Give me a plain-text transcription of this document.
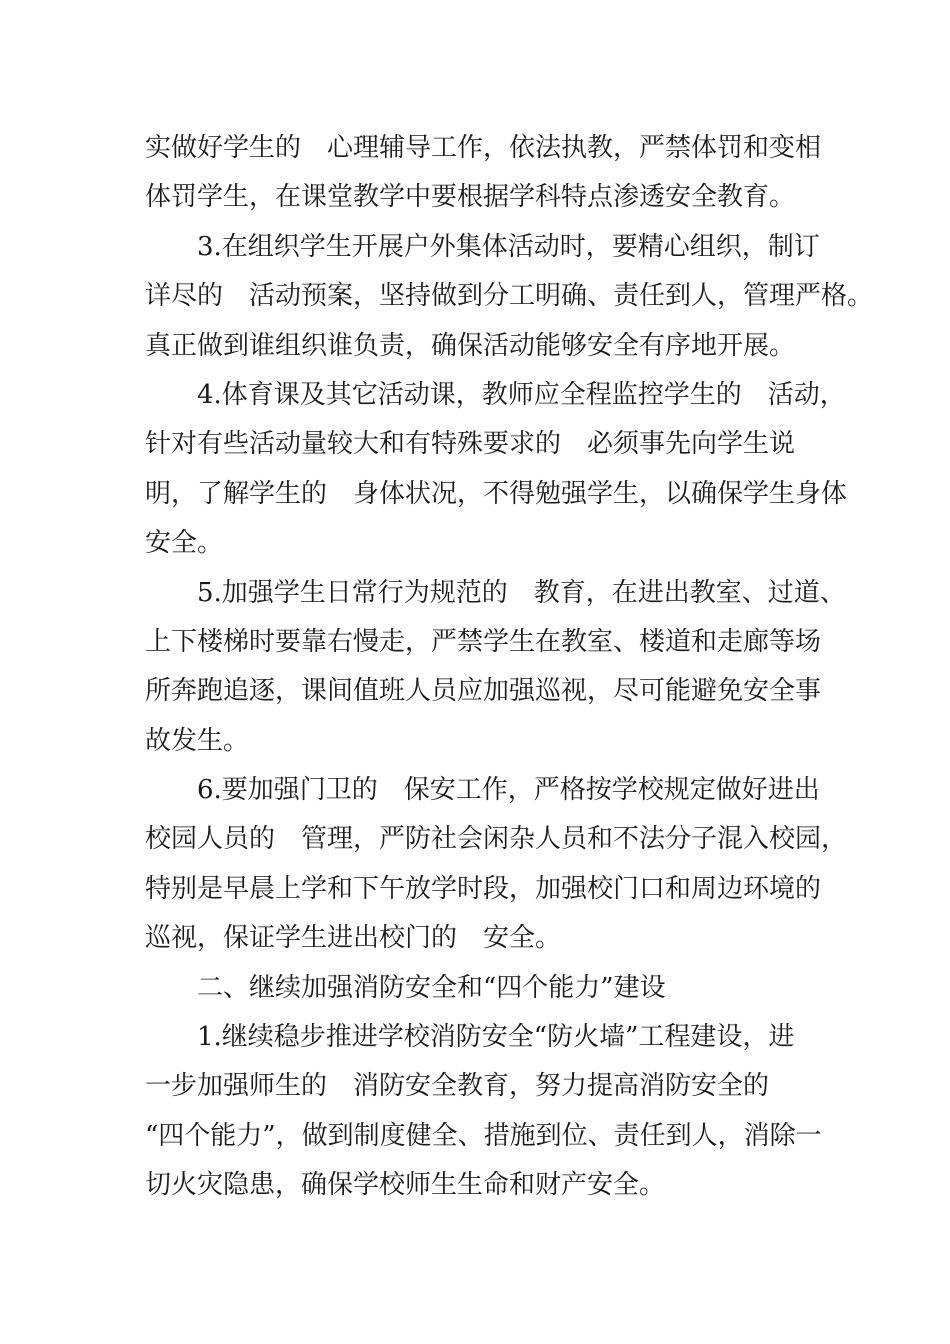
实做好学生的　心理辅导工作，依法执教，严禁体罚和变相
体罚学生，在课堂教学中要根据学科特点渗透安全教育。
3.在组织学生开展户外集体活动时，要精心组织，制订
详尽的　活动预案，坚持做到分工明确、责任到人，管理严格。
真正做到谁组织谁负责，确保活动能够安全有序地开展。
4.体育课及其它活动课，教师应全程监控学生的　活动，
针对有些活动量较大和有特殊要求的　必须事先向学生说
明，了解学生的　身体状况，不得勉强学生，以确保学生身体
安全。
5.加强学生日常行为规范的　教育，在进出教室、过道、
上下楼梯时要靠右慢走，严禁学生在教室、楼道和走廊等场
所奔跑追逐，课间值班人员应加强巡视，尽可能避免安全事
故发生。
6.要加强门卫的　保安工作，严格按学校规定做好进出
校园人员的　管理，严防社会闲杂人员和不法分子混入校园，
特别是早晨上学和下午放学时段，加强校门口和周边环境的
巡视，保证学生进出校门的　安全。
二、继续加强消防安全和“四个能力”建设
1.继续稳步推进学校消防安全“防火墙”工程建设，进
一步加强师生的　消防安全教育，努力提高消防安全的
“四个能力”，做到制度健全、措施到位、责任到人，消除一
切火灾隐患，确保学校师生生命和财产安全。
